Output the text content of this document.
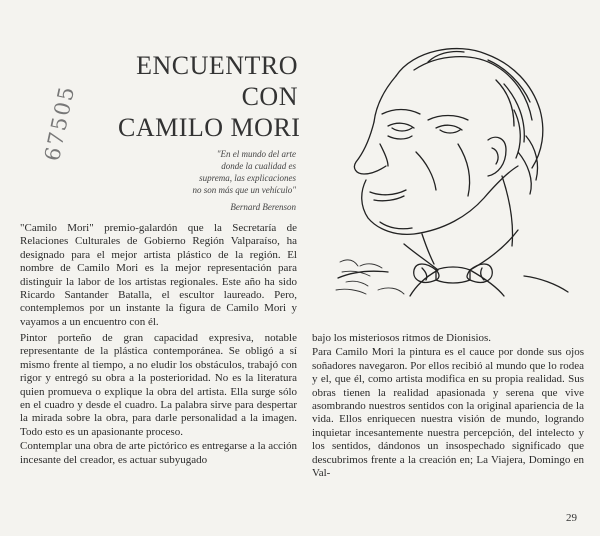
ENCUENTRO
CON
CAMILO MORI
67505	"En el mundo del arte
donde la cualidad es
suprema, las explicaciones
no son más que un vehículo"
Bernard Berenson

"Camilo Mori" premio-galardón que la Secretaría de Relaciones Culturales de Gobierno Región Valparaíso, ha designado para el mejor artista plástico de la región. El nombre de Camilo Mori es la mejor representación para distinguir la labor de los artistas regionales. Este año ha sido Ricardo Santander Batalla, el escultor laureado. Pero, contemplemos por un instante la figura de Camilo Mori y vayamos a un encuentro con él.

Pintor porteño de gran capacidad expresiva, notable representante de la plástica contemporánea. Se obligó a sí mismo frente al tiempo, a no eludir los obstáculos, trabajó con rigor y entregó su obra a la posterioridad. No es la literatura quien promueva o explique la obra del artista. Ella surge sólo en el cuadro y desde el cuadro. La palabra sirve para despertar la mirada sobre la obra, para darle personalidad a la imagen. Todo esto es un apasionante proceso.

Contemplar una obra de arte pictórico es entregarse a la acción incesante del creador, es actuar subyugado

bajo los misteriosos ritmos de Dionisios.

Para Camilo Mori la pintura es el cauce por donde sus ojos soñadores navegaron. Por ellos recibió al mundo que lo rodea y el, que él, como artista modifica en su propia realidad. Sus obras tienen la realidad apasionada y serena que vive asombrando nuestros sentidos con la original apariencia de la vida. Ellos enriquecen nuestra visión de mundo, logrando inquietar incesantemente nuestra percepción, del intelecto y los sentidos, dándonos un insospechado significado que descubrimos frente a la creación en; La Viajera, Domingo en Val-

29
